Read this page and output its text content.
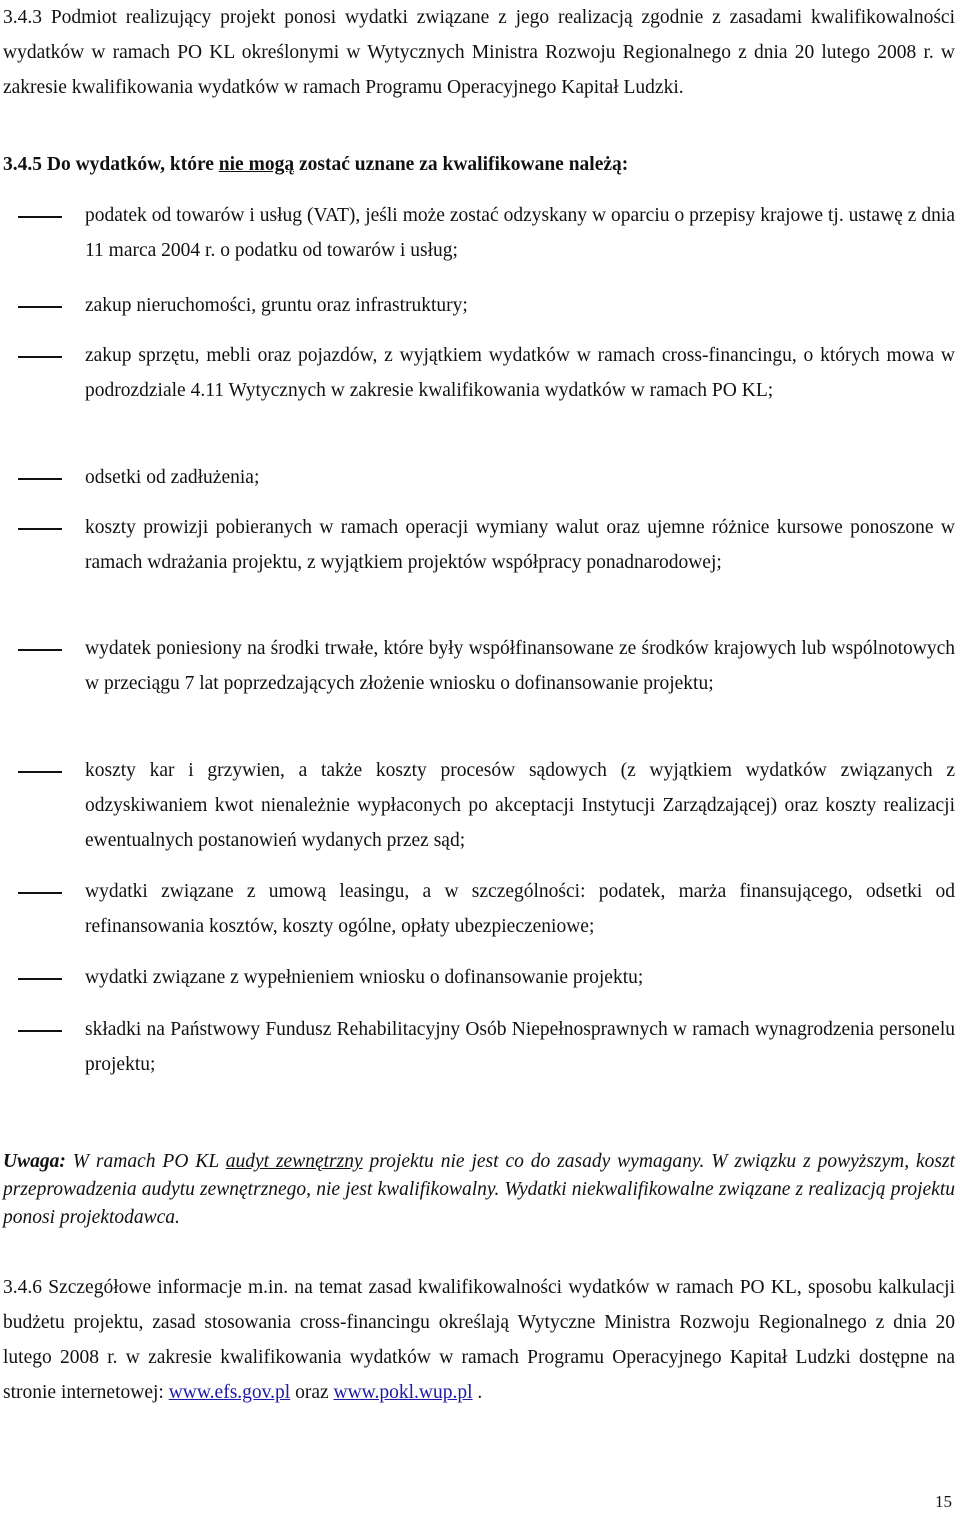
3.4.3 Podmiot realizujący projekt ponosi wydatki związane z jego realizacją zgodnie z zasadami kwalifikowalności wydatków w ramach PO KL określonymi w Wytycznych Ministra Rozwoju Regionalnego z dnia 20 lutego 2008 r. w zakresie kwalifikowania wydatków w ramach Programu Operacyjnego Kapitał Ludzki.

3.4.5 Do wydatków, które nie mogą zostać uznane za kwalifikowane należą:

podatek od towarów i usług (VAT), jeśli może zostać odzyskany w oparciu o przepisy krajowe tj. ustawę z dnia 11 marca 2004 r. o podatku od towarów i usług;

zakup nieruchomości, gruntu oraz infrastruktury;

zakup sprzętu, mebli oraz pojazdów, z wyjątkiem wydatków w ramach cross-financingu, o których mowa w podrozdziale 4.11 Wytycznych w zakresie kwalifikowania wydatków w ramach PO KL;

odsetki od zadłużenia;

koszty prowizji pobieranych w ramach operacji wymiany walut oraz ujemne różnice kursowe ponoszone w ramach wdrażania projektu, z wyjątkiem projektów współpracy ponadnarodowej;

wydatek poniesiony na środki trwałe, które były współfinansowane ze środków krajowych lub wspólnotowych w przeciągu 7 lat poprzedzających złożenie wniosku o dofinansowanie projektu;

koszty kar i grzywien, a także koszty procesów sądowych (z wyjątkiem wydatków związanych z odzyskiwaniem kwot nienależnie wypłaconych po akceptacji Instytucji Zarządzającej) oraz koszty realizacji ewentualnych postanowień wydanych przez sąd;

wydatki związane z umową leasingu, a w szczególności: podatek, marża finansującego, odsetki od refinansowania kosztów, koszty ogólne, opłaty ubezpieczeniowe;

wydatki związane z wypełnieniem wniosku o dofinansowanie projektu;

składki na Państwowy Fundusz Rehabilitacyjny Osób Niepełnosprawnych w ramach wynagrodzenia personelu projektu;

Uwaga: W ramach PO KL audyt zewnętrzny projektu nie jest co do zasady wymagany. W związku z powyższym, koszt przeprowadzenia audytu zewnętrznego, nie jest kwalifikowalny. Wydatki niekwalifikowalne związane z realizacją projektu ponosi projektodawca.

3.4.6 Szczegółowe informacje m.in. na temat zasad kwalifikowalności wydatków w ramach PO KL, sposobu kalkulacji budżetu projektu, zasad stosowania cross-financingu określają Wytyczne Ministra Rozwoju Regionalnego z dnia 20 lutego 2008 r. w zakresie kwalifikowania wydatków w ramach Programu Operacyjnego Kapitał Ludzki dostępne na stronie internetowej: www.efs.gov.pl oraz www.pokl.wup.pl .

15
